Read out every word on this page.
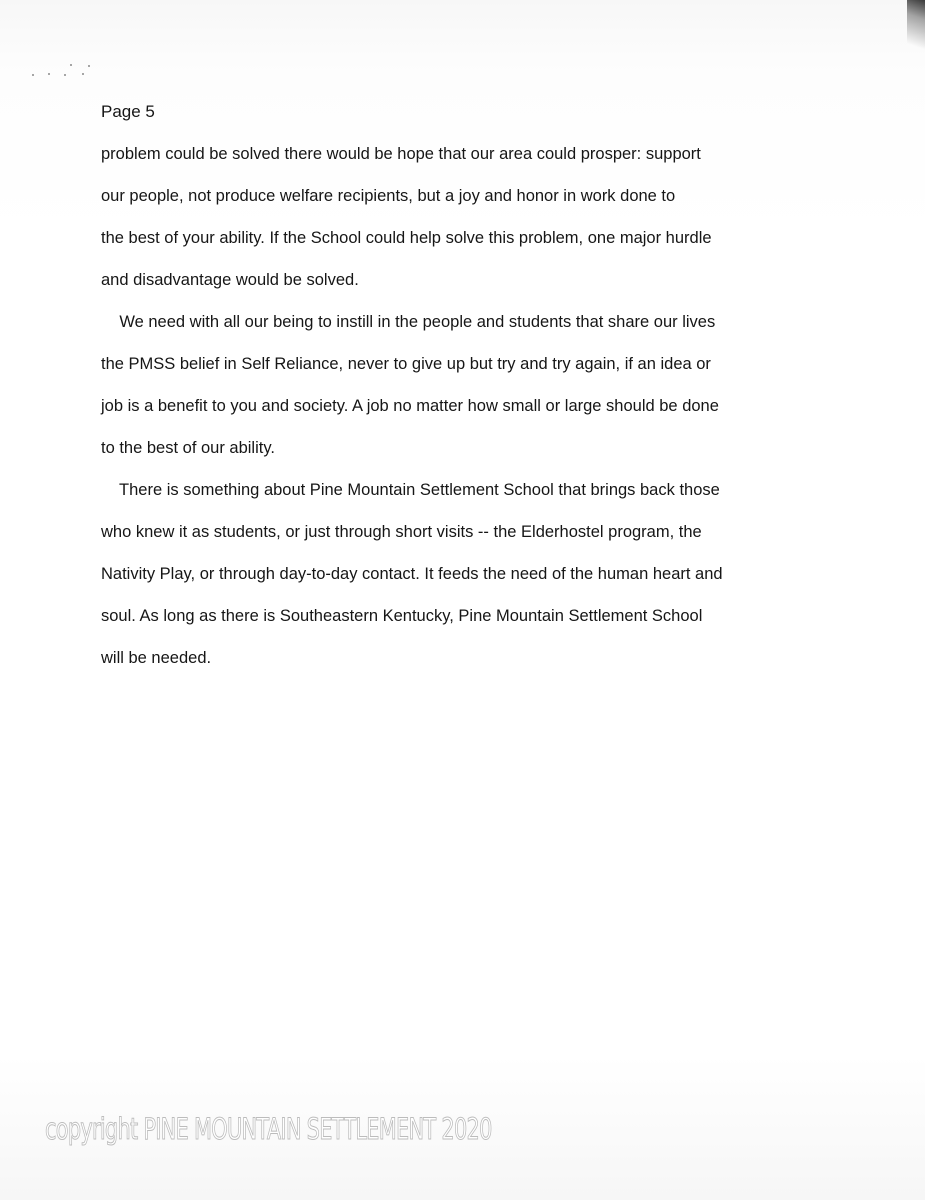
Page 5

problem could be solved there would be hope that our area could prosper: support
our people, not produce welfare recipients, but a joy and honor in work done to
the best of your ability. If the School could help solve this problem, one major hurdle
and disadvantage would be solved.
We need with all our being to instill in the people and students that share our lives
the PMSS belief in Self Reliance, never to give up but try and try again, if an idea or
job is a benefit to you and society. A job no matter how small or large should be done
to the best of our ability.
There is something about Pine Mountain Settlement School that brings back those
who knew it as students, or just through short visits -- the Elderhostel program, the
Nativity Play, or through day-to-day contact. It feeds the need of the human heart and
soul. As long as there is Southeastern Kentucky, Pine Mountain Settlement School
will be needed.

copyright PINE MOUNTAIN SETTLEMENT 2020
